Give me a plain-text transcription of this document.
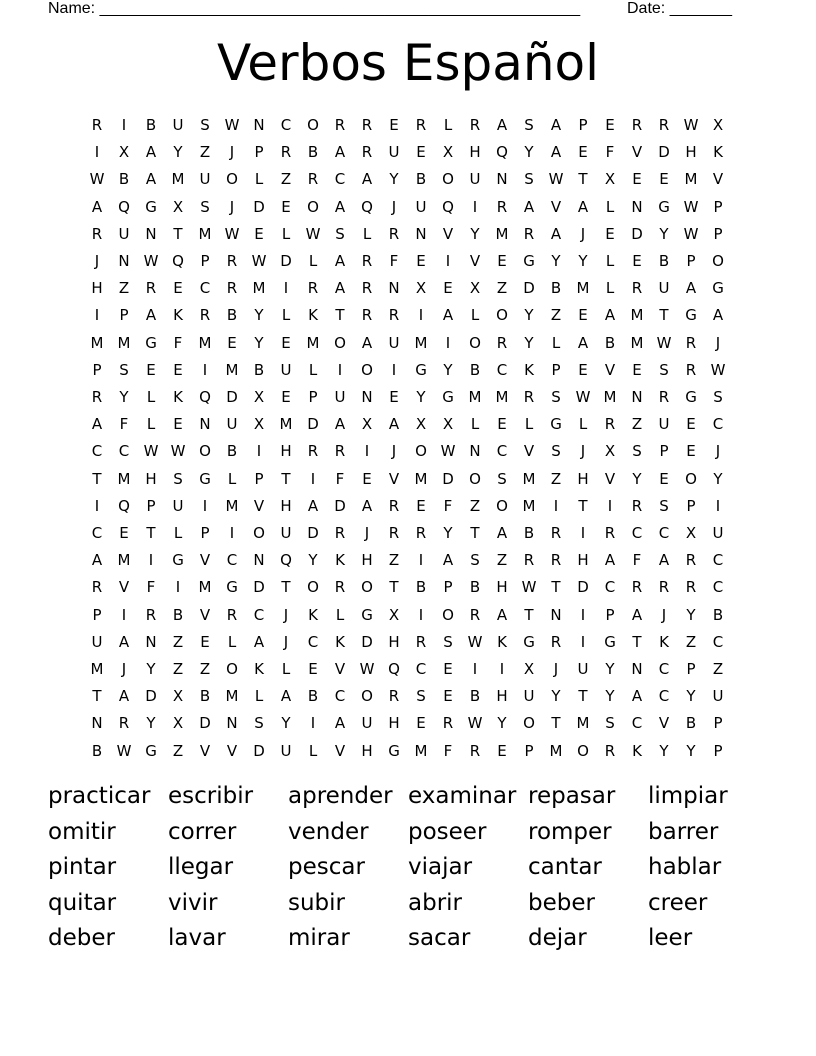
Name: ______________________________________________________	Date: _______
Verbos Español
R	I	B	U	S W N	C	O	R	R	E	R	L	R	A	S	A	P	E	R	R W X
I	X	A	Y	Z	J	P	R	B	A	R	U	E	X	H	Q	Y	A	E	F	V	D	H	K
W B	A	M	U	O	L	Z	R	C	A	Y	B	O	U	N	S W T	X	E	E	M	V
A	Q	G	X	S	J	D	E	O	A	Q	J	U	Q	I	R	A	V	A	L	N	G W	P
R	U	N	T	M W E	L	W S	L	R	N	V	Y	M	R	A	J	E	D	Y	W	P
J	N W Q	P	R W D	L	A	R	F	E	I	V	E	G	Y	Y	L	E	B	P	O
H	Z	R	E	C	R	M	I	R	A	R	N	X	E	X	Z	D	B	M	L	R	U	A	G
I	P	A	K	R	B	Y	L	K	T	R	R	I	A	L	O	Y	Z	E	A	M	T	G	A
M M G	F	M	E	Y	E	M O	A	U	M	I	O	R	Y	L	A	B	M W R	J
P	S	E	E	I	M	B	U	L	I	O	I	G	Y	B	C	K	P	E	V	E	S	R W
R	Y	L	K	Q	D	X	E	P	U	N	E	Y	G M M	R	S W M N	R	G	S
A	F	L	E	N	U	X	M D	A	X	A	X	X	L	E	L	G	L	R	Z	U	E	C
C	C W W O	B	I	H	R	R	I	J	O W N	C	V	S	J	X	S	P	E	J
T	M H	S	G	L	P	T	I	F	E	V	M D	O	S	M	Z	H	V	Y	E	O	Y
I	Q	P	U	I	M	V	H	A	D	A	R	E	F	Z	O M	I	T	I	R	S	P	I
C	E	T	L	P	I	O	U	D	R	J	R	R	Y	T	A	B	R	I	R	C	C	X	U
A	M	I	G	V	C	N	Q	Y	K	H	Z	I	A	S	Z	R	R	H	A	F	A	R	C
R	V	F	I	M G	D	T	O	R	O	T	B	P	B	H W T	D	C	R	R	R	C
P	I	R	B	V	R	C	J	K	L	G	X	I	O	R	A	T	N	I	P	A	J	Y	B
U	A	N	Z	E	L	A	J	C	K	D	H	R	S W K	G	R	I	G	T	K	Z	C
M	J	Y	Z	Z	O	K	L	E	V W Q	C	E	I	I	X	J	U	Y	N	C	P	Z
T	A	D	X	B	M	L	A	B	C	O	R	S	E	B	H	U	Y	T	Y	A	C	Y	U
N	R	Y	X	D	N	S	Y	I	A	U	H	E	R W Y	O	T	M	S	C	V	B	P
B W G	Z	V	V	D	U	L	V	H	G M	F	R	E	P	M O	R	K	Y	Y	P
practicar escribir aprender examinar repasar limpiar
omitir correr vender poseer romper barrer
pintar llegar pescar viajar cantar hablar
quitar vivir	subir	abrir	beber creer
deber lavar	mirar	sacar	dejar	leer
